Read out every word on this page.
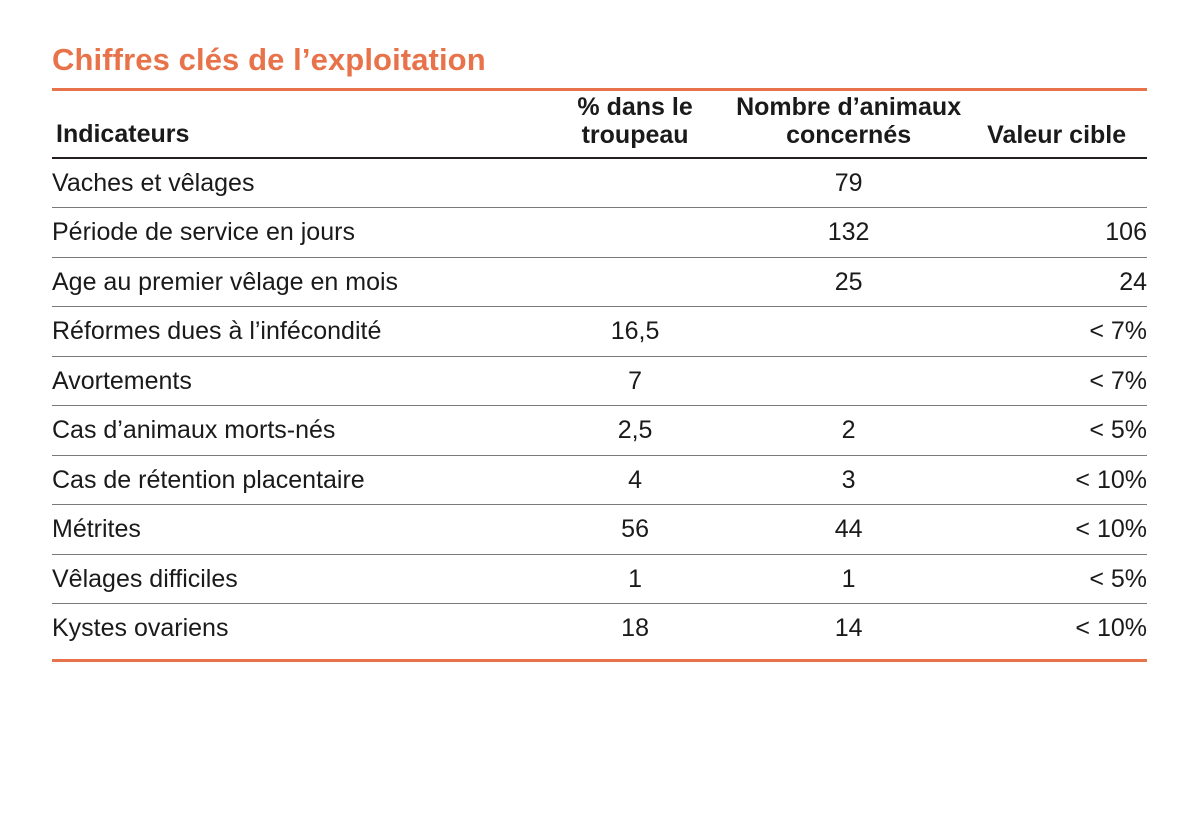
Chiffres clés de l’exploitation
Indicateurs	% dans le troupeau	Nombre d’animaux concernés	Valeur cible
Vaches et vêlages		79	
Période de service en jours		132	106
Age au premier vêlage en mois		25	24
Réformes dues à l’infécondité	16,5		< 7%
Avortements	7		< 7%
Cas d’animaux morts-nés	2,5	2	< 5%
Cas de rétention placentaire	4	3	< 10%
Métrites	56	44	< 10%
Vêlages difficiles	1	1	< 5%
Kystes ovariens	18	14	< 10%
